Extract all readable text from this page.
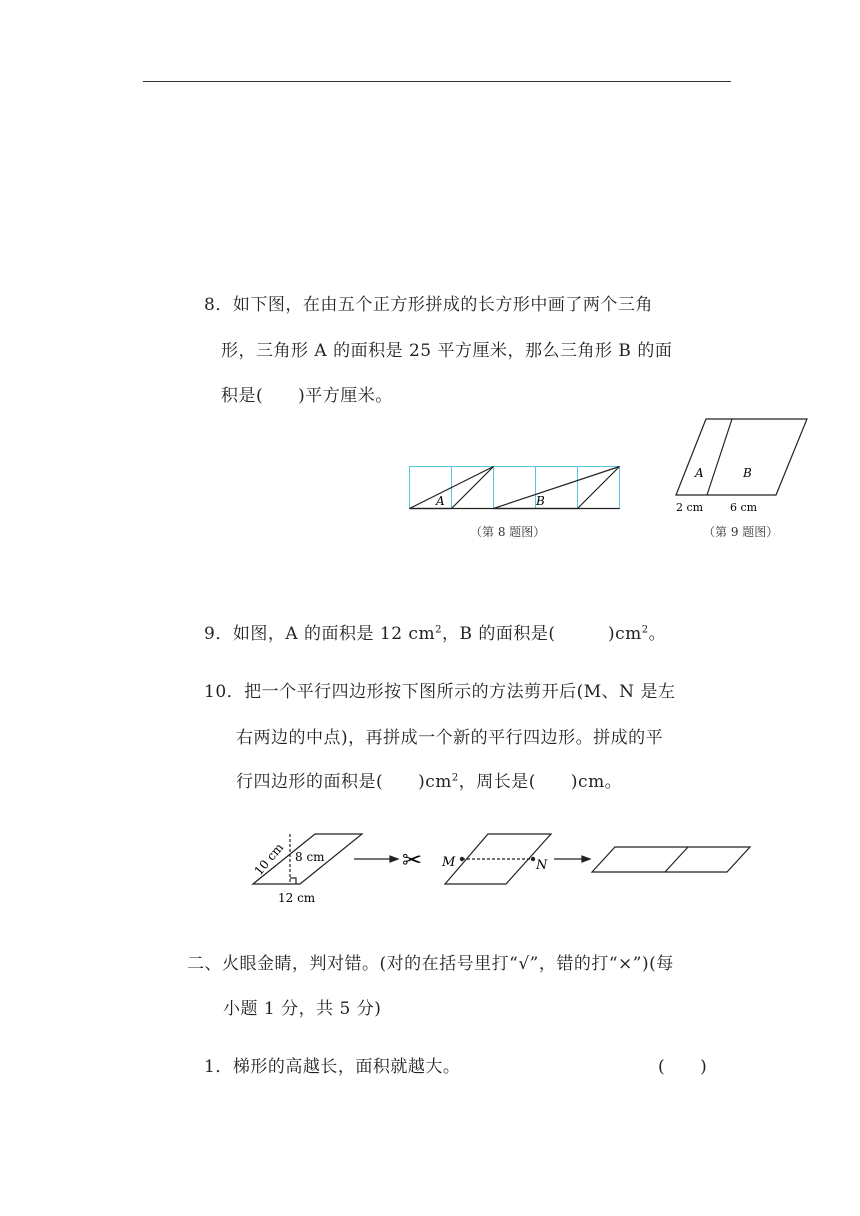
8．如下图，在由五个正方形拼成的长方形中画了两个三角
形，三角形 A 的面积是 25 平方厘米，那么三角形 B 的面
积是(　　)平方厘米。
A	B
（第 8 题图）
A	B
2 cm 6 cm
（第 9 题图）
9．如图，A 的面积是 12 $cm^2$，B 的面积是(　　　)$cm^2$。
10．把一个平行四边形按下图所示的方法剪开后(M、N 是左
右两边的中点)，再拼成一个新的平行四边形。拼成的平
行四边形的面积是(　　)$cm^2$，周长是(　　)cm。
10 cm 8 cm
12 cm
✂ M	N
二、火眼金睛，判对错。(对的在括号里打“√”，错的打“×”)(每
小题 1 分，共 5 分)
1．梯形的高越长，面积就越大。	(　　)
